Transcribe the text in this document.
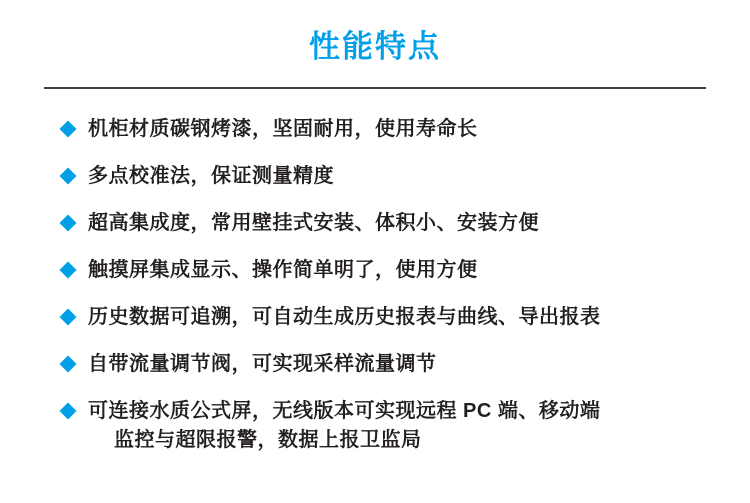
性能特点
机柜材质碳钢烤漆，坚固耐用，使用寿命长
多点校准法，保证测量精度
超高集成度，常用壁挂式安装、体积小、安装方便
触摸屏集成显示、操作简单明了，使用方便
历史数据可追溯，可自动生成历史报表与曲线、导出报表
自带流量调节阀，可实现采样流量调节
可连接水质公式屏，无线版本可实现远程 PC 端、移动端
监控与超限报警，数据上报卫监局
